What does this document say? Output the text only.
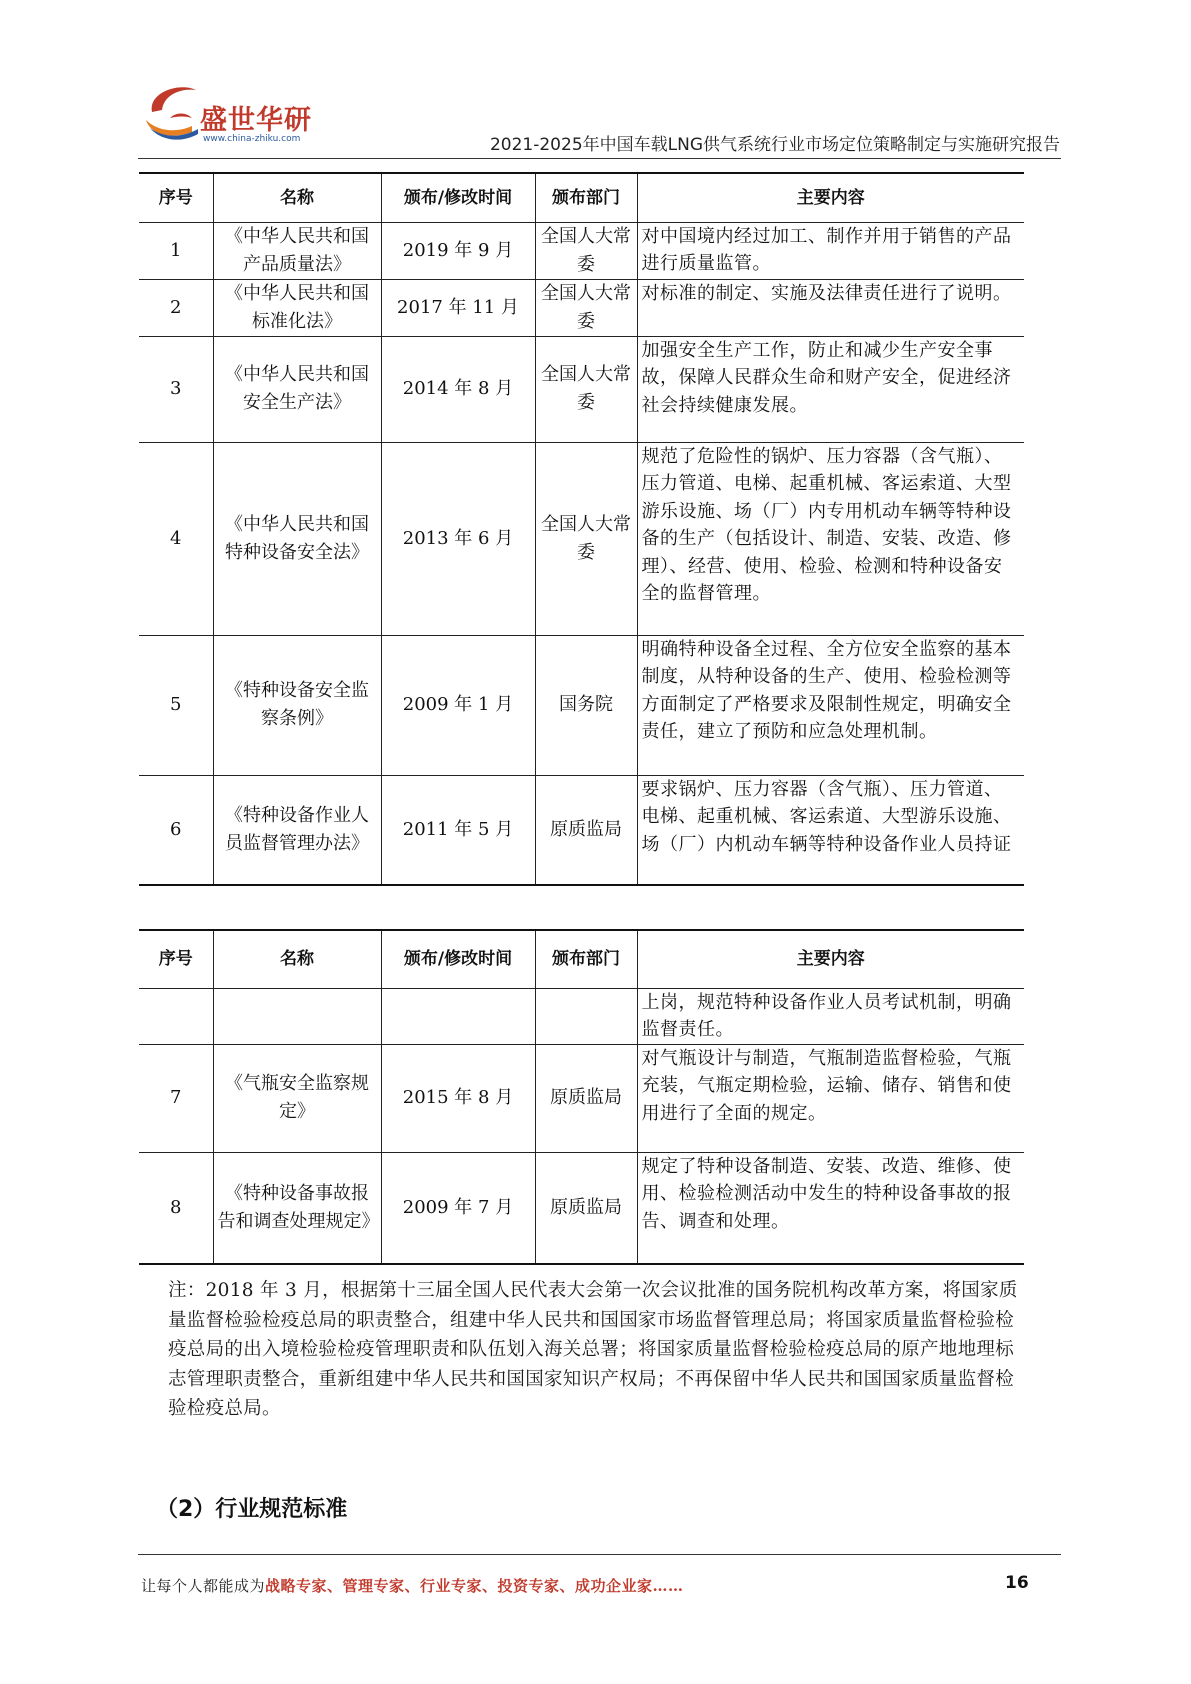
盛世华研
www.china-zhiku.com	2021-2025年中国车载LNG供气系统行业市场定位策略制定与实施研究报告
序号	名称	颁布/修改时间	颁布部门	主要内容
1	《中华人民共和国产品质量法》	2019 年 9 月	全国人大常委	对中国境内经过加工、制作并用于销售的产品进行质量监管。
2	《中华人民共和国标准化法》	2017 年 11 月	全国人大常委	对标准的制定、实施及法律责任进行了说明。
3	《中华人民共和国安全生产法》	2014 年 8 月	全国人大常委	加强安全生产工作，防止和减少生产安全事故，保障人民群众生命和财产安全，促进经济社会持续健康发展。
4	《中华人民共和国特种设备安全法》	2013 年 6 月	全国人大常委	规范了危险性的锅炉、压力容器（含气瓶）、压力管道、电梯、起重机械、客运索道、大型游乐设施、场（厂）内专用机动车辆等特种设备的生产（包括设计、制造、安装、改造、修理）、经营、使用、检验、检测和特种设备安全的监督管理。
5	《特种设备安全监察条例》	2009 年 1 月	国务院	明确特种设备全过程、全方位安全监察的基本制度，从特种设备的生产、使用、检验检测等方面制定了严格要求及限制性规定，明确安全责任，建立了预防和应急处理机制。
6	《特种设备作业人员监督管理办法》	2011 年 5 月	原质监局	要求锅炉、压力容器（含气瓶）、压力管道、电梯、起重机械、客运索道、大型游乐设施、场（厂）内机动车辆等特种设备作业人员持证
序号	名称	颁布/修改时间	颁布部门	主要内容
				上岗，规范特种设备作业人员考试机制，明确监督责任。
7	《气瓶安全监察规定》	2015 年 8 月	原质监局	对气瓶设计与制造，气瓶制造监督检验，气瓶充装，气瓶定期检验，运输、储存、销售和使用进行了全面的规定。
8	《特种设备事故报告和调查处理规定》	2009 年 7 月	原质监局	规定了特种设备制造、安装、改造、维修、使用、检验检测活动中发生的特种设备事故的报告、调查和处理。
注：2018 年 3 月，根据第十三届全国人民代表大会第一次会议批准的国务院机构改革方案，将国家质量监督检验检疫总局的职责整合，组建中华人民共和国国家市场监督管理总局；将国家质量监督检验检疫总局的出入境检验检疫管理职责和队伍划入海关总署；将国家质量监督检验检疫总局的原产地地理标志管理职责整合，重新组建中华人民共和国国家知识产权局；不再保留中华人民共和国国家质量监督检验检疫总局。
（2）行业规范标准
让每个人都能成为战略专家、管理专家、行业专家、投资专家、成功企业家……	16
